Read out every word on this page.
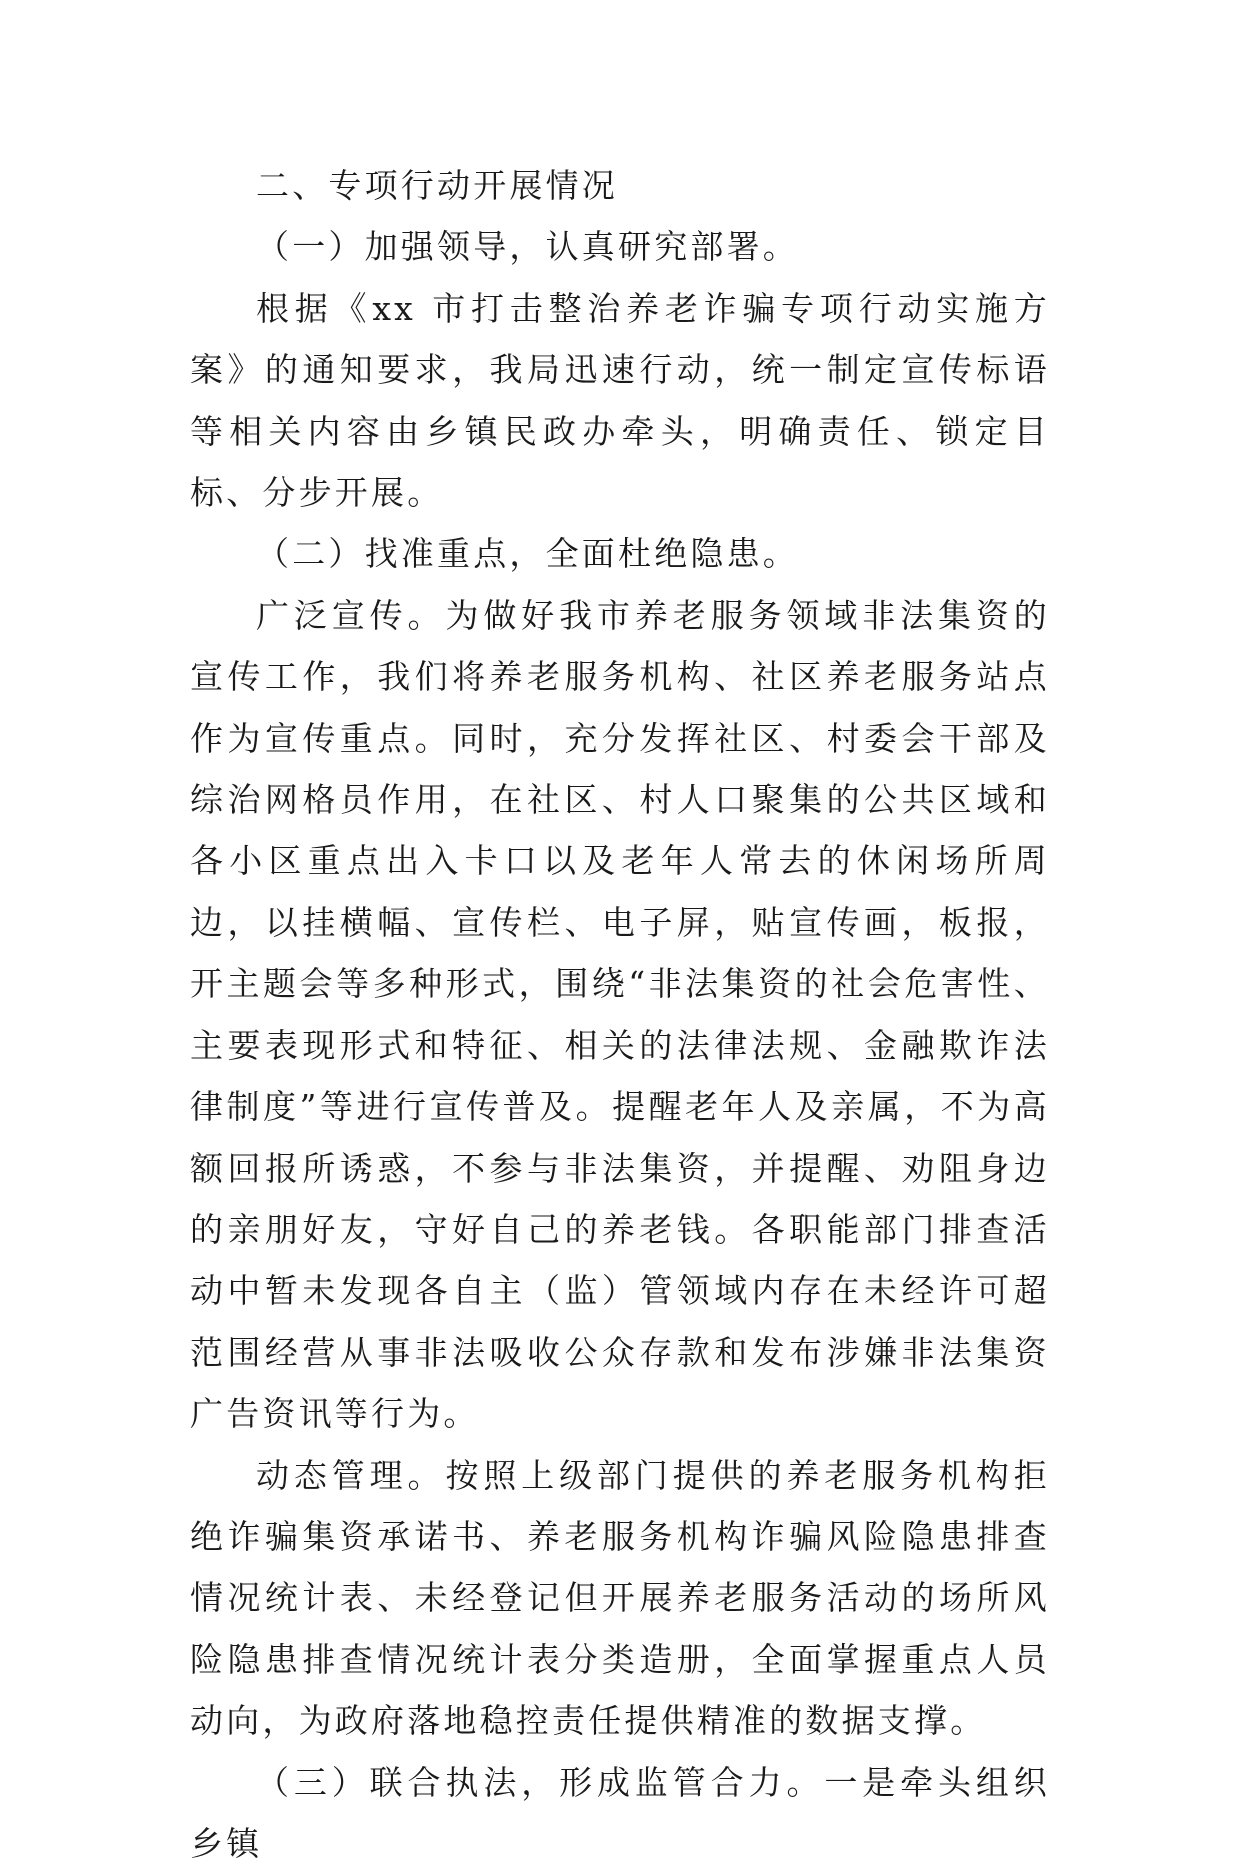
二、专项行动开展情况

（一）加强领导，认真研究部署。

根据《xx 市打击整治养老诈骗专项行动实施方案》的通知要求，我局迅速行动，统一制定宣传标语等相关内容由乡镇民政办牵头，明确责任、锁定目标、分步开展。

（二）找准重点，全面杜绝隐患。

广泛宣传。为做好我市养老服务领域非法集资的宣传工作，我们将养老服务机构、社区养老服务站点作为宣传重点。同时，充分发挥社区、村委会干部及综治网格员作用，在社区、村人口聚集的公共区域和各小区重点出入卡口以及老年人常去的休闲场所周边，以挂横幅、宣传栏、电子屏，贴宣传画，板报，开主题会等多种形式，围绕“非法集资的社会危害性、主要表现形式和特征、相关的法律法规、金融欺诈法律制度”等进行宣传普及。提醒老年人及亲属，不为高额回报所诱惑，不参与非法集资，并提醒、劝阻身边的亲朋好友，守好自己的养老钱。各职能部门排查活动中暂未发现各自主（监）管领域内存在未经许可超范围经营从事非法吸收公众存款和发布涉嫌非法集资广告资讯等行为。

动态管理。按照上级部门提供的养老服务机构拒绝诈骗集资承诺书、养老服务机构诈骗风险隐患排查情况统计表、未经登记但开展养老服务活动的场所风险隐患排查情况统计表分类造册，全面掌握重点人员动向，为政府落地稳控责任提供精准的数据支撑。

（三）联合执法，形成监管合力。一是牵头组织乡镇
